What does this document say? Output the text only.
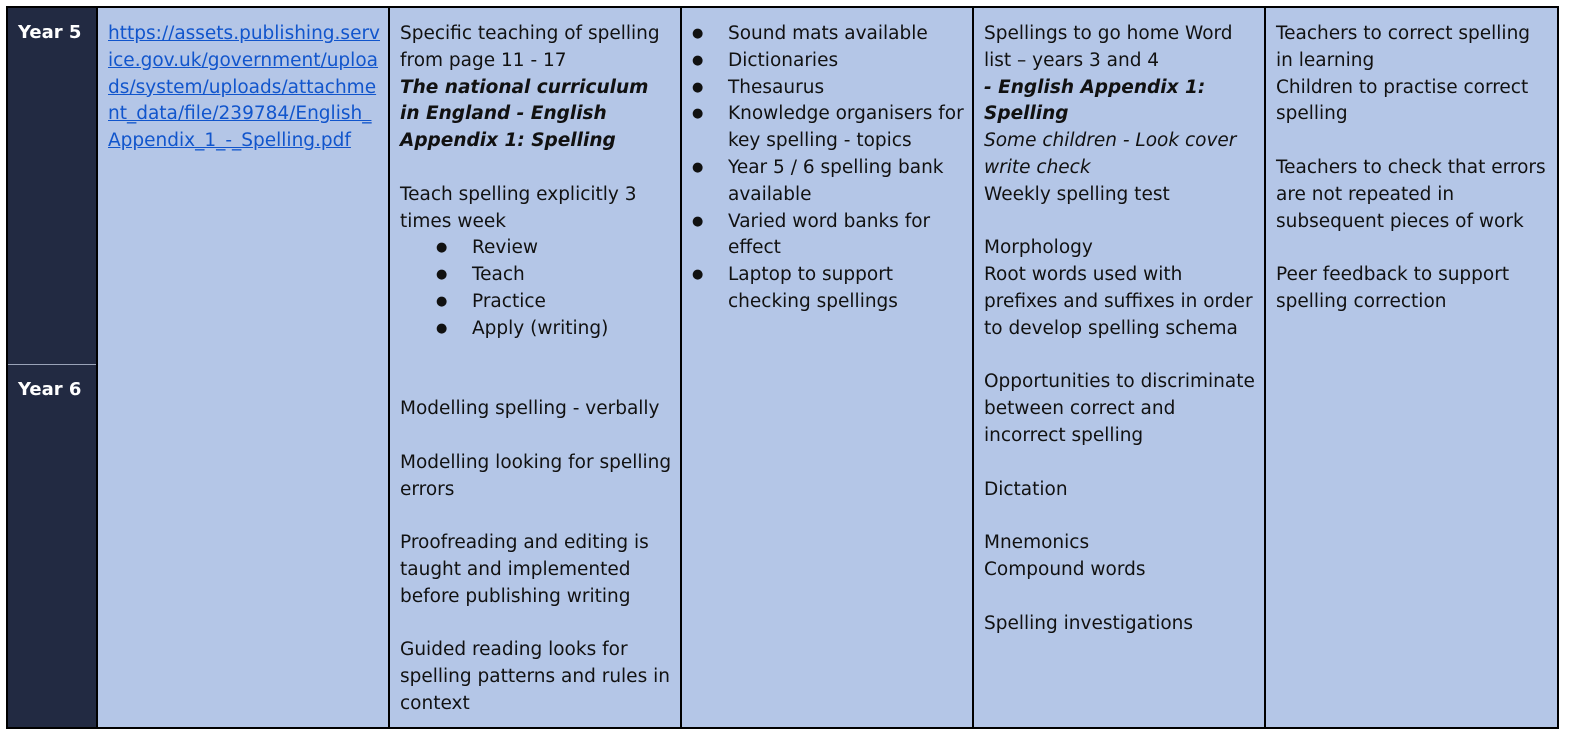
Year 5
Year 6
https://assets.publishing.service.gov.uk/government/uploads/system/uploads/attachment_data/file/239784/English_Appendix_1_-_Spelling.pdf
Specific teaching of spelling from page 11 - 17
The national curriculum in England - English Appendix 1: Spelling
Teach spelling explicitly 3 times week
● Review
● Teach
● Practice
● Apply (writing)
Modelling spelling - verbally
Modelling looking for spelling errors
Proofreading and editing is taught and implemented before publishing writing
Guided reading looks for spelling patterns and rules in context
● Sound mats available
● Dictionaries
● Thesaurus
● Knowledge organisers for key spelling - topics
● Year 5 / 6 spelling bank available
● Varied word banks for effect
● Laptop to support checking spellings
Spellings to go home Word list – years 3 and 4
- English Appendix 1: Spelling
Some children - Look cover write check
Weekly spelling test
Morphology
Root words used with prefixes and suffixes in order to develop spelling schema
Opportunities to discriminate between correct and incorrect spelling
Dictation
Mnemonics
Compound words
Spelling investigations
Teachers to correct spelling in learning
Children to practise correct spelling
Teachers to check that errors are not repeated in subsequent pieces of work
Peer feedback to support spelling correction
